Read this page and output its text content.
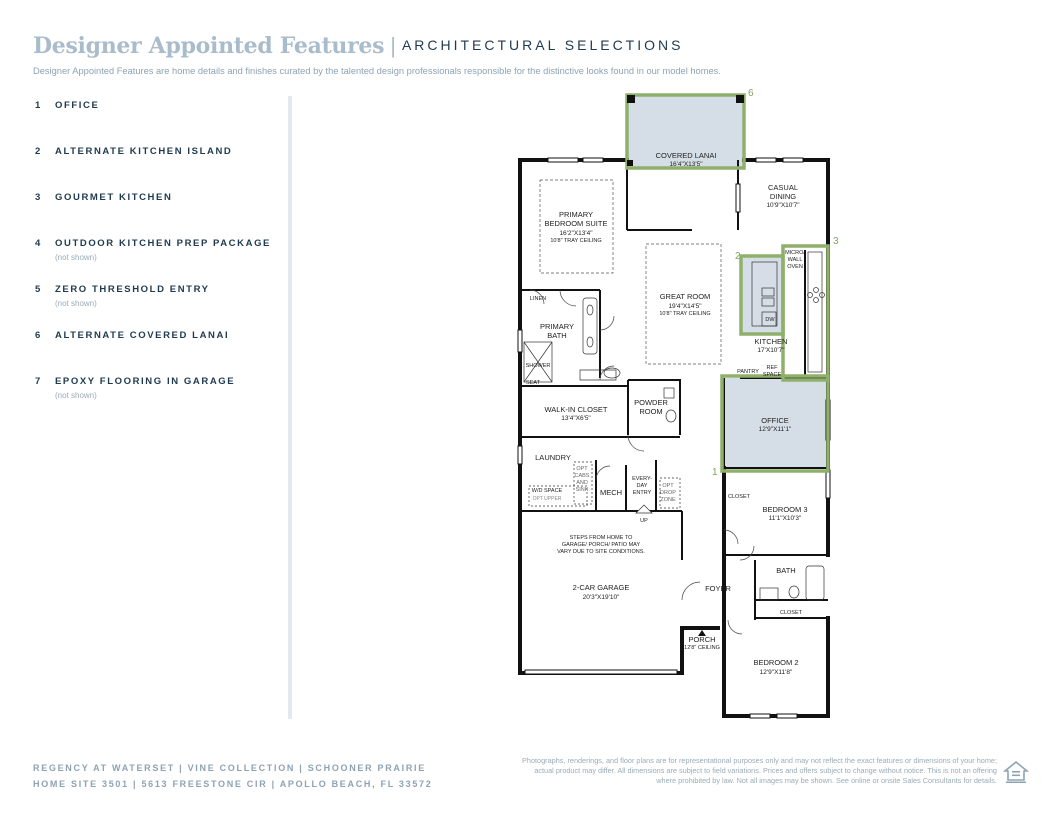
Designer Appointed Features | ARCHITECTURAL SELECTIONS
Designer Appointed Features are home details and finishes curated by the talented design professionals responsible for the distinctive looks found in our model homes.
1 OFFICE
2 ALTERNATE KITCHEN ISLAND
3 GOURMET KITCHEN
4 OUTDOOR KITCHEN PREP PACKAGE
(not shown)
5 ZERO THRESHOLD ENTRY
(not shown)
6 ALTERNATE COVERED LANAI
7 EPOXY FLOORING IN GARAGE
(not shown)
1
2
3
6
COVERED LANAI
16'4"X13'5"
CASUAL
DINING
10'9"X10'7"
PRIMARY
BEDROOM SUITE
16'2"X13'4"
10'8" TRAY CEILING
GREAT ROOM
19'4"X14'5"
10'8" TRAY CEILING
MICRO/
WALL
OVEN
DW
KITCHEN
17'X10'7"
PANTRY
REF
SPACE
LINEN
PRIMARY
BATH
SHOWER
SEAT
WALK-IN CLOSET
13'4"X6'5"
POWDER
ROOM
OFFICE
12'9"X11'1"
LAUNDRY
OPT
CABS
AND
SINK
W/D SPACE
OPT UPPER
MECH
EVERY-
DAY
ENTRY
OPT
DROP
ZONE
UP
CLOSET
BEDROOM 3
11'1"X10'3"
STEPS FROM HOME TO
GARAGE/ PORCH/ PATIO MAY
VARY DUE TO SITE CONDITIONS.
BATH
2-CAR GARAGE
20'3"X19'10"
FOYER
CLOSET
PORCH
12'8" CEILING
BEDROOM 2
12'9"X11'8"
REGENCY AT WATERSET | VINE COLLECTION | SCHOONER PRAIRIE
HOME SITE 3501 | 5613 FREESTONE CIR | APOLLO BEACH, FL 33572
Photographs, renderings, and floor plans are for representational purposes only and may not reflect the exact features or dimensions of your home; actual product may differ. All dimensions are subject to field variations. Prices and offers subject to change without notice. This is not an offering where prohibited by law. Not all images may be shown. See online or onsite Sales Consultants for details.
